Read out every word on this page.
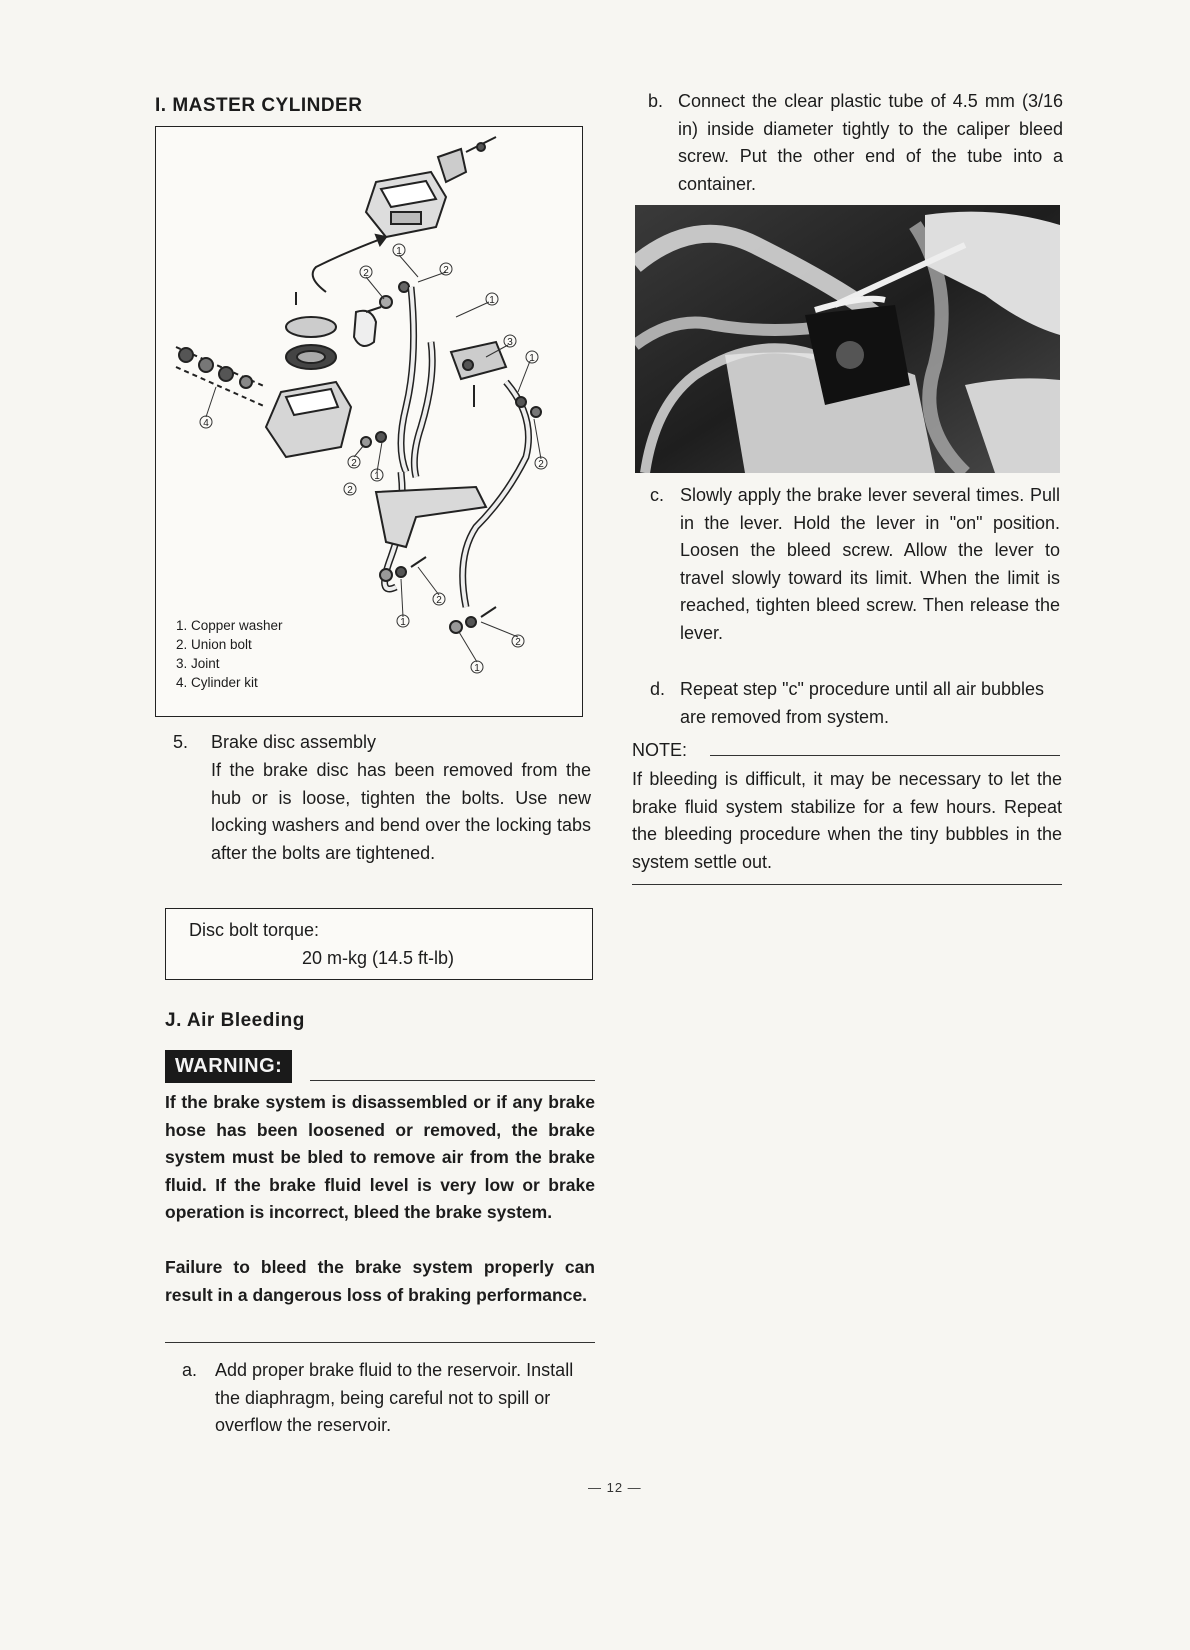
I. MASTER CYLINDER
1
2	2
1
3
1
4
2
1
2
2
2
1
2
1
1. Copper washer
2. Union bolt
3. Joint
4. Cylinder kit
5. Brake disc assembly
If the brake disc has been removed from the hub or is loose, tighten the bolts. Use new locking washers and bend over the locking tabs after the bolts are tightened.
Disc bolt torque:
20 m-kg (14.5 ft-lb)
J. Air Bleeding
WARNING:
If the brake system is disassembled or if any brake hose has been loosened or removed, the brake system must be bled to remove air from the brake fluid. If the brake fluid level is very low or brake operation is incorrect, bleed the brake system.
Failure to bleed the brake system properly can result in a dangerous loss of braking performance.
a. Add proper brake fluid to the reservoir. Install the diaphragm, being careful not to spill or overflow the reservoir.
b. Connect the clear plastic tube of 4.5 mm (3/16 in) inside diameter tightly to the caliper bleed screw. Put the other end of the tube into a container.
c. Slowly apply the brake lever several times. Pull in the lever. Hold the lever in "on" position. Loosen the bleed screw. Allow the lever to travel slowly toward its limit. When the limit is reached, tighten bleed screw. Then release the lever.
d. Repeat step "c" procedure until all air bubbles are removed from system.
NOTE:
If bleeding is difficult, it may be necessary to let the brake fluid system stabilize for a few hours. Repeat the bleeding procedure when the tiny bubbles in the system settle out.
— 12 —
